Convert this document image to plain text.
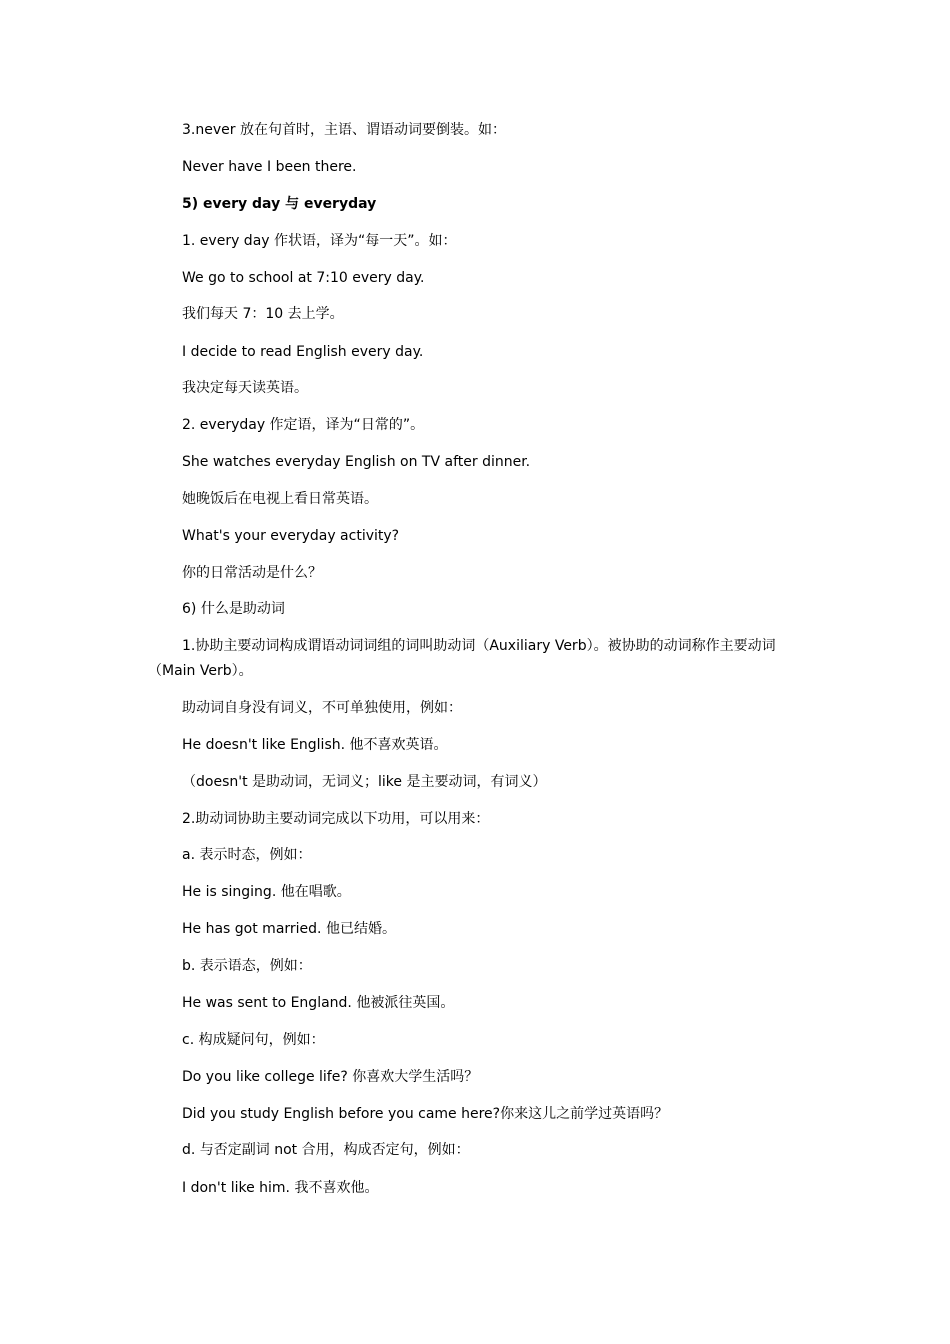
3.never 放在句首时，主语、谓语动词要倒装。如：
Never have I been there.
5) every day 与 everyday
1. every day 作状语，译为“每一天”。如：
We go to school at 7:10 every day.
我们每天 7：10 去上学。
I decide to read English every day.
我决定每天读英语。
2. everyday 作定语，译为“日常的”。
She watches everyday English on TV after dinner.
她晚饭后在电视上看日常英语。
What's your everyday activity?
你的日常活动是什么？
6) 什么是助动词
1.协助主要动词构成谓语动词词组的词叫助动词（Auxiliary Verb）。被协助的动词称作主要动词
（Main Verb）。
助动词自身没有词义，不可单独使用，例如：
He doesn't like English. 他不喜欢英语。
（doesn't 是助动词，无词义；like 是主要动词，有词义）
2.助动词协助主要动词完成以下功用，可以用来：
a. 表示时态，例如：
He is singing. 他在唱歌。
He has got married. 他已结婚。
b. 表示语态，例如：
He was sent to England. 他被派往英国。
c. 构成疑问句，例如：
Do you like college life? 你喜欢大学生活吗？
Did you study English before you came here?你来这儿之前学过英语吗？
d. 与否定副词 not 合用，构成否定句，例如：
I don't like him. 我不喜欢他。
